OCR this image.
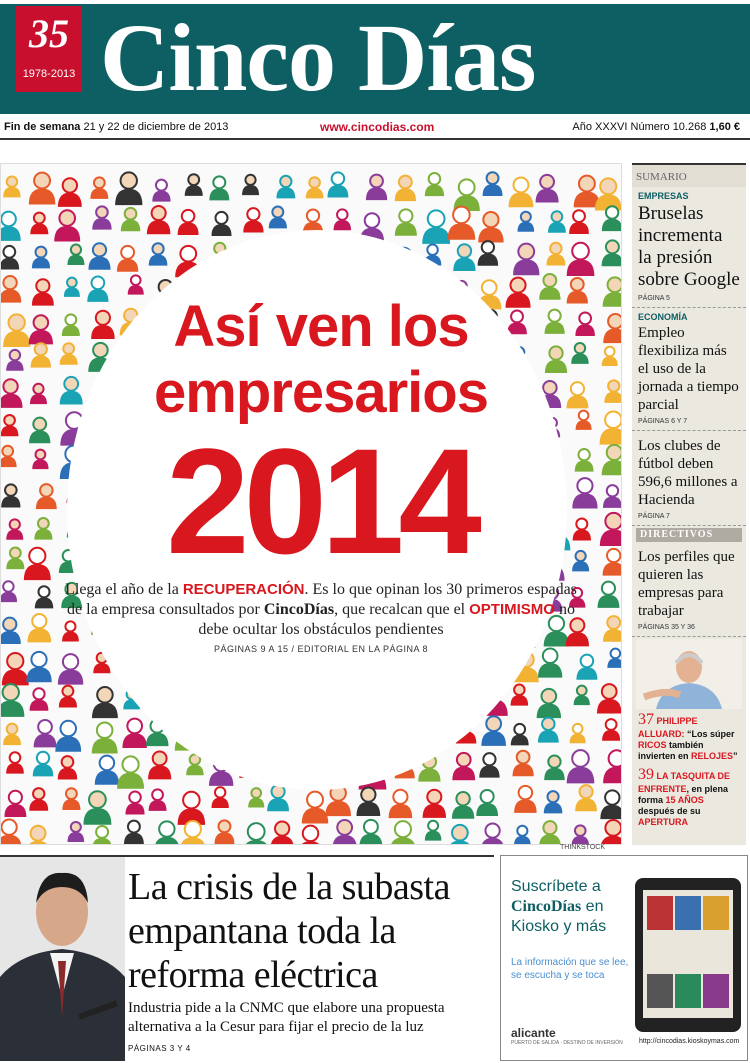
35
1978-2013 Cinco Días
Fin de semana 21 y 22 de diciembre de 2013	www.cincodias.com	Año XXXVI Número 10.268 1,60 €
Así ven los
empresarios
2014
Llega el año de la RECUPERACIÓN. Es lo que opinan los 30 primeros espadas de la empresa consultados por CincoDías, que recalcan que el OPTIMISMO no debe ocultar los obstáculos pendientes
PÁGINAS 9 A 15 / EDITORIAL EN LA PÁGINA 8
THINKSTOCK
SUMARIO
EMPRESAS
Bruselas incrementa la presión sobre Google
PÁGINA 5
ECONOMÍA
Empleo flexibiliza más el uso de la jornada a tiempo parcial
PÁGINAS 6 Y 7
Los clubes de fútbol deben 596,6 millones a Hacienda
PÁGINA 7
DIRECTIVOS
Los perfiles que quieren las empresas para trabajar
PÁGINAS 35 Y 36
37 PHILIPPE ALLUARD: “Los súper RICOS también invierten en RELOJES”
39 LA TASQUITA DE ENFRENTE, en plena forma 15 AÑOS después de su APERTURA
La crisis de la subasta empantana toda la reforma eléctrica
Industria pide a la CNMC que elabore una propuesta alternativa a la Cesur para fijar el precio de la luz
PÁGINAS 3 Y 4
Suscríbete a
CincoDías en
Kiosko y más
La información que se lee, se escucha y se toca
alicante
PUERTO DE SALIDA · DESTINO DE INVERSIÓN http://cincodias.kioskoymas.com
